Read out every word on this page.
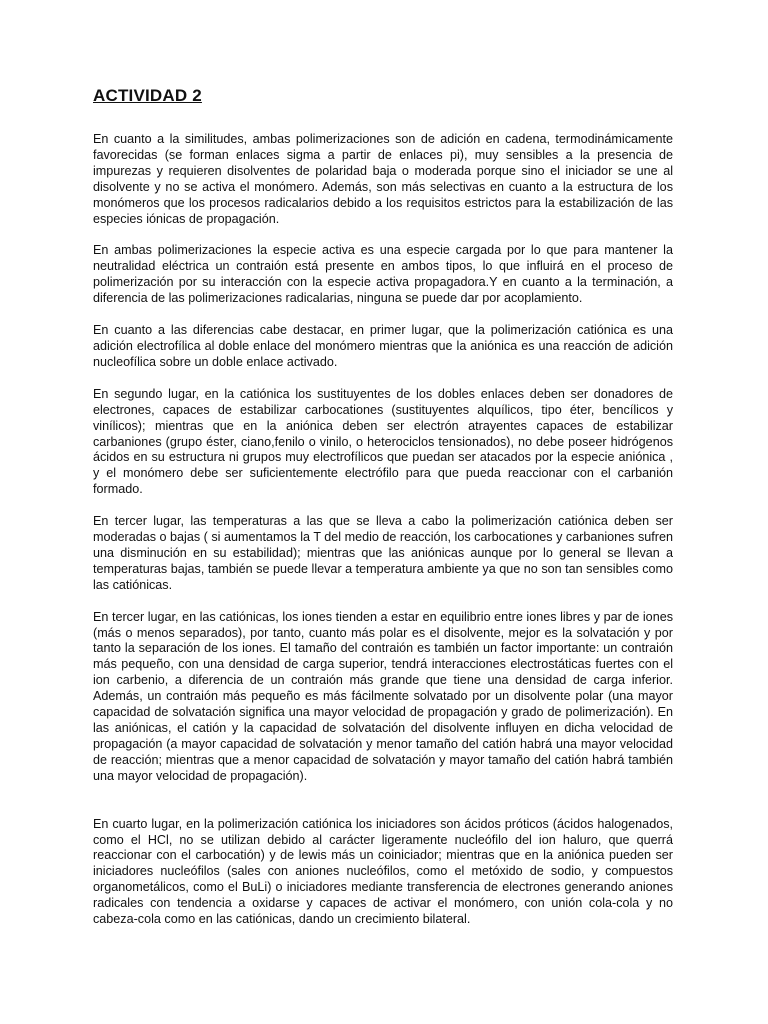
ACTIVIDAD 2

En cuanto a la similitudes, ambas polimerizaciones son de adición en cadena, termodinámicamente favorecidas (se forman enlaces sigma a partir de enlaces pi), muy sensibles a la presencia de impurezas y requieren disolventes de polaridad baja o moderada porque sino el iniciador se une al disolvente y no se activa el monómero. Además, son más selectivas en cuanto a la estructura de los monómeros que los procesos radicalarios debido a los requisitos estrictos para la estabilización de las especies iónicas de propagación.

En ambas polimerizaciones la especie activa es una especie cargada por lo que para mantener la neutralidad eléctrica un contraión está presente en ambos tipos, lo que influirá en el proceso de polimerización por su interacción con la especie activa propagadora.Y en cuanto a la terminación, a diferencia de las polimerizaciones radicalarias, ninguna se puede dar por acoplamiento.

En cuanto a las diferencias cabe destacar, en primer lugar, que la polimerización catiónica es una adición electrofílica al doble enlace del monómero mientras que la aniónica es una reacción de adición nucleofílica sobre un doble enlace activado.

En segundo lugar, en la catiónica los sustituyentes de los dobles enlaces deben ser donadores de electrones, capaces de estabilizar carbocationes (sustituyentes alquílicos, tipo éter, bencílicos y vinílicos); mientras que en la aniónica deben ser electrón atrayentes capaces de estabilizar carbaniones (grupo éster, ciano,fenilo o vinilo, o heterociclos tensionados), no debe poseer hidrógenos ácidos en su estructura ni grupos muy electrofílicos que puedan ser atacados por la especie aniónica , y el monómero debe ser suficientemente electrófilo para que pueda reaccionar con el carbanión formado.

En tercer lugar, las temperaturas a las que se lleva a cabo la polimerización catiónica deben ser moderadas o bajas ( si aumentamos la T del medio de reacción, los carbocationes y carbaniones sufren una disminución en su estabilidad); mientras que las aniónicas aunque por lo general se llevan a temperaturas bajas, también se puede llevar a temperatura ambiente ya que no son tan sensibles como las catiónicas.

En tercer lugar, en las catiónicas, los iones tienden a estar en equilibrio entre iones libres y par de iones (más o menos separados), por tanto, cuanto más polar es el disolvente, mejor es la solvatación y por tanto la separación de los iones. El tamaño del contraión es también un factor importante: un contraión más pequeño, con una densidad de carga superior, tendrá interacciones electrostáticas fuertes con el ion carbenio, a diferencia de un contraión más grande que tiene una densidad de carga inferior. Además, un contraión más pequeño es más fácilmente solvatado por un disolvente polar (una mayor capacidad de solvatación significa una mayor velocidad de propagación y grado de polimerización). En las aniónicas, el catión y la capacidad de solvatación del disolvente influyen en dicha velocidad de propagación (a mayor capacidad de solvatación y menor tamaño del catión habrá una mayor velocidad de reacción; mientras que a menor capacidad de solvatación y mayor tamaño del catión habrá también una mayor velocidad de propagación).

En cuarto lugar, en la polimerización catiónica los iniciadores son ácidos próticos (ácidos halogenados, como el HCl, no se utilizan debido al carácter ligeramente nucleófilo del ion haluro, que querrá reaccionar con el carbocatión) y de lewis más un coiniciador; mientras que en la aniónica pueden ser iniciadores nucleófilos (sales con aniones nucleófilos, como el metóxido de sodio, y compuestos organometálicos, como el BuLi) o iniciadores mediante transferencia de electrones generando aniones radicales con tendencia a oxidarse y capaces de activar el monómero, con unión cola-cola y no cabeza-cola como en las catiónicas, dando un crecimiento bilateral.
